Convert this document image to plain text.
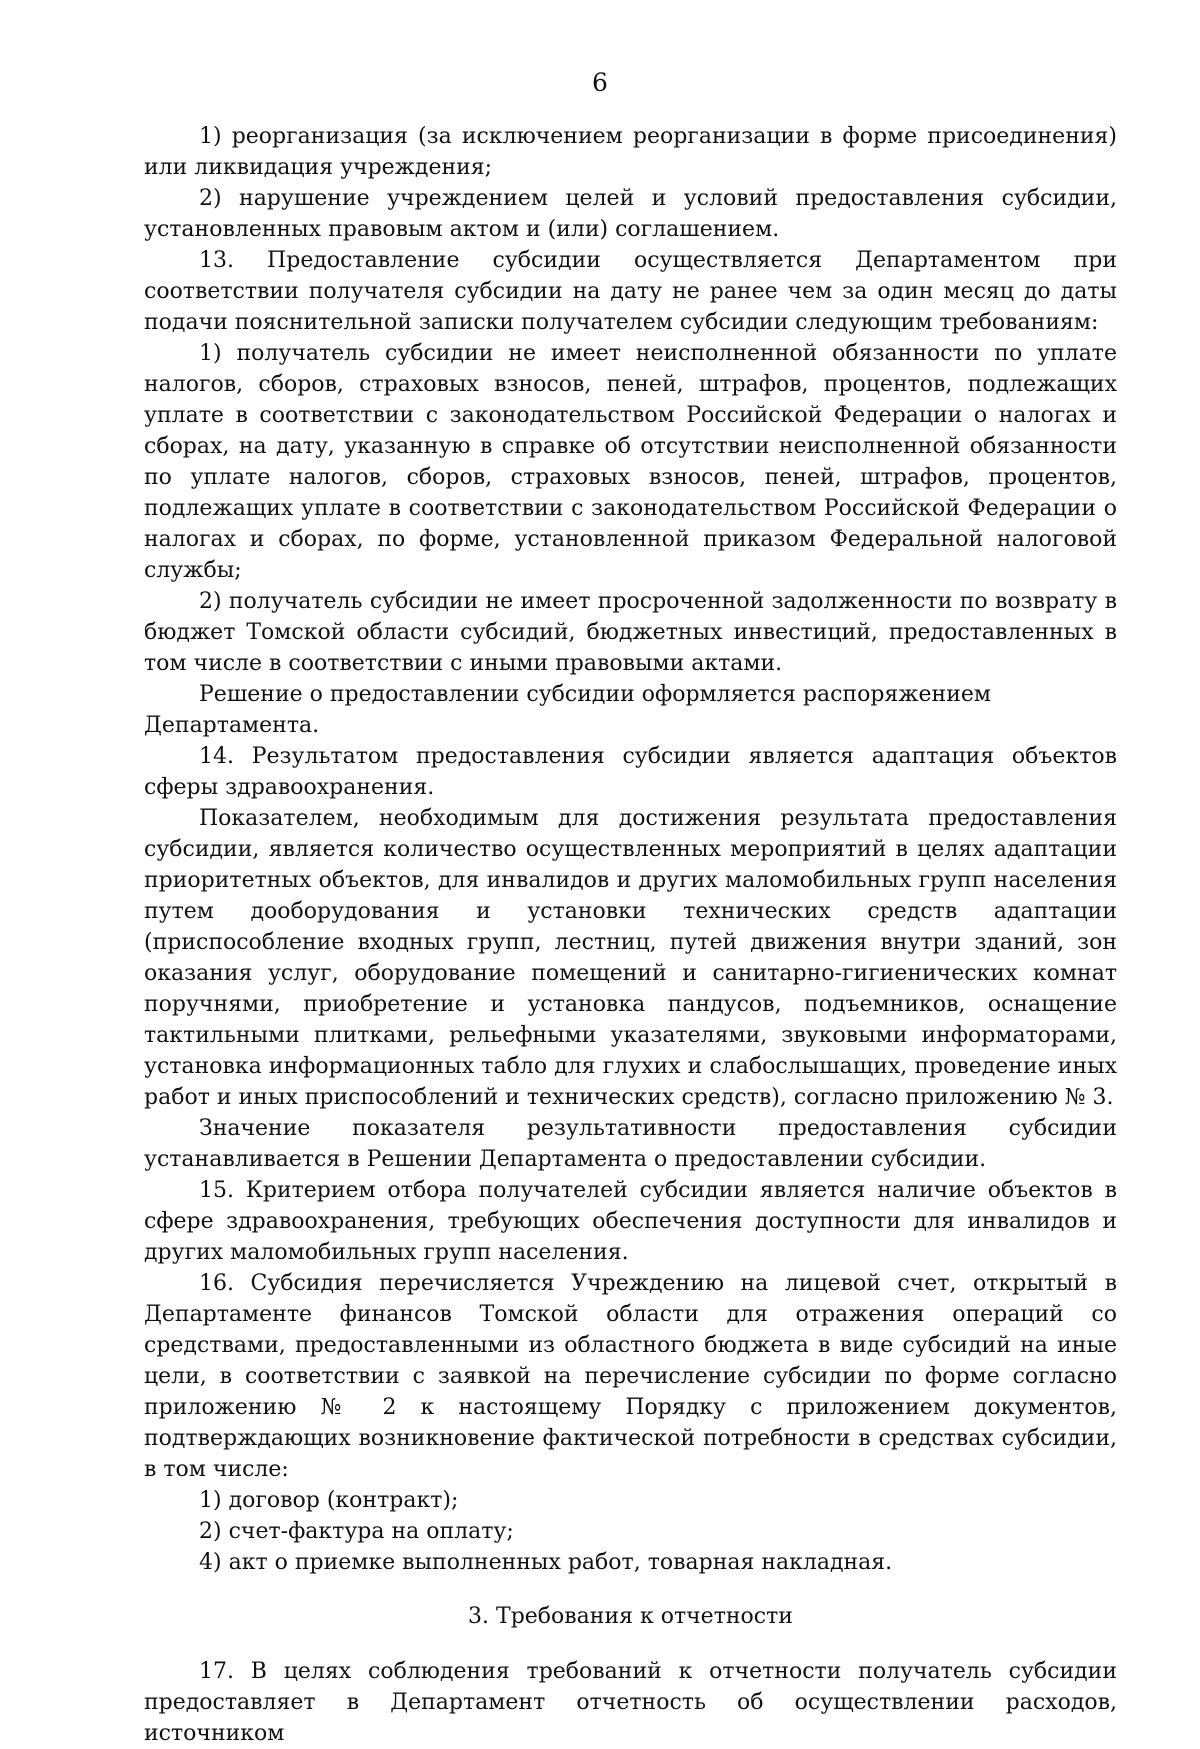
6

1) реорганизация (за исключением реорганизации в форме присоединения) или ликвидация учреждения;

2) нарушение учреждением целей и условий предоставления субсидии, установленных правовым актом и (или) соглашением.

13. Предоставление субсидии осуществляется Департаментом при соответствии получателя субсидии на дату не ранее чем за один месяц до даты подачи пояснительной записки получателем субсидии следующим требованиям:

1) получатель субсидии не имеет неисполненной обязанности по уплате налогов, сборов, страховых взносов, пеней, штрафов, процентов, подлежащих уплате в соответствии с законодательством Российской Федерации о налогах и сборах, на дату, указанную в справке об отсутствии неисполненной обязанности по уплате налогов, сборов, страховых взносов, пеней, штрафов, процентов, подлежащих уплате в соответствии с законодательством Российской Федерации о налогах и сборах, по форме, установленной приказом Федеральной налоговой службы;

2) получатель субсидии не имеет просроченной задолженности по возврату в бюджет Томской области субсидий, бюджетных инвестиций, предоставленных в том числе в соответствии с иными правовыми актами.

Решение о предоставлении субсидии оформляется распоряжением Департамента.

14. Результатом предоставления субсидии является адаптация объектов сферы здравоохранения.

Показателем, необходимым для достижения результата предоставления субсидии, является количество осуществленных мероприятий в целях адаптации приоритетных объектов, для инвалидов и других маломобильных групп населения путем дооборудования и установки технических средств адаптации (приспособление входных групп, лестниц, путей движения внутри зданий, зон оказания услуг, оборудование помещений и санитарно-гигиенических комнат поручнями, приобретение и установка пандусов, подъемников, оснащение тактильными плитками, рельефными указателями, звуковыми информаторами, установка информационных табло для глухих и слабослышащих, проведение иных работ и иных приспособлений и технических средств), согласно приложению № 3.

Значение показателя результативности предоставления субсидии устанавливается в Решении Департамента о предоставлении субсидии.

15. Критерием отбора получателей субсидии является наличие объектов в сфере здравоохранения, требующих обеспечения доступности для инвалидов и других маломобильных групп населения.

16. Субсидия перечисляется Учреждению на лицевой счет, открытый в Департаменте финансов Томской области для отражения операций со средствами, предоставленными из областного бюджета в виде субсидий на иные цели, в соответствии с заявкой на перечисление субсидии по форме согласно приложению № 2 к настоящему Порядку с приложением документов, подтверждающих возникновение фактической потребности в средствах субсидии, в том числе:

1) договор (контракт);

2) счет-фактура на оплату;

4) акт о приемке выполненных работ, товарная накладная.

3. Требования к отчетности

17. В целях соблюдения требований к отчетности получатель субсидии предоставляет в Департамент отчетность об осуществлении расходов, источником
